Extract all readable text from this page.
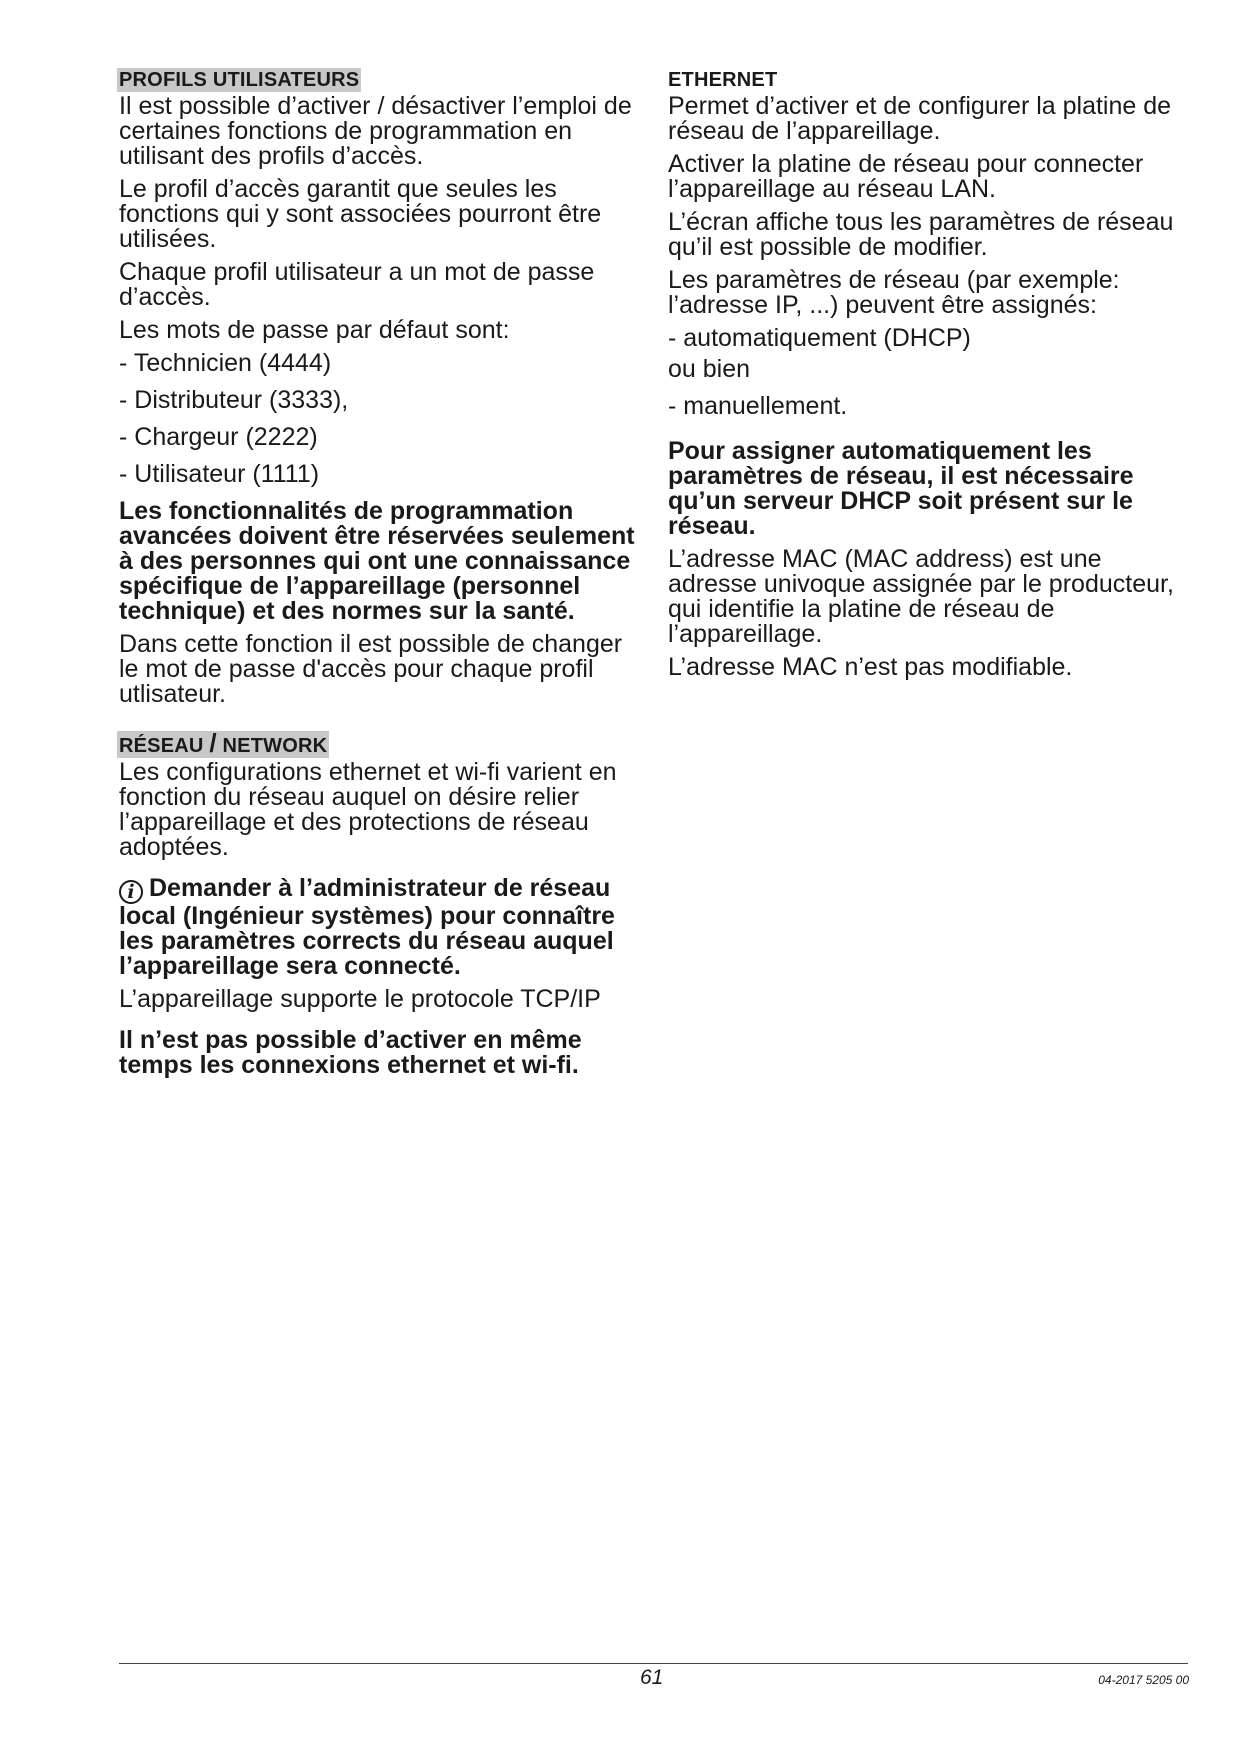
PROFILS UTILISATEURS

Il est possible d’activer / désactiver l’emploi de certaines fonctions de programmation en utilisant des profils d’accès.

Le profil d’accès garantit que seules les fonctions qui y sont associées pourront être utilisées.

Chaque profil utilisateur a un mot de passe d’accès.

Les mots de passe par défaut sont:

- Technicien (4444)
- Distributeur (3333),
- Chargeur (2222)
- Utilisateur (1111)

Les fonctionnalités de programmation avancées doivent être réservées seulement à des personnes qui ont une connaissance spécifique de l’appareillage (personnel technique) et des normes sur la santé.

Dans cette fonction il est possible de changer le mot de passe d'accès pour chaque profil utlisateur.

RÉSEAU / NETWORK

Les configurations ethernet et wi-fi varient en fonction du réseau auquel on désire relier l’appareillage et des protections de réseau adoptées.

i Demander à l’administrateur de réseau local (Ingénieur systèmes) pour connaître les paramètres corrects du réseau auquel l’appareillage sera connecté.

L’appareillage supporte le protocole TCP/IP

Il n’est pas possible d’activer en même temps les connexions ethernet et wi-fi.

ETHERNET

Permet d’activer et de configurer la platine de réseau de l’appareillage.

Activer la platine de réseau pour connecter l’appareillage au réseau LAN.

L’écran affiche tous les paramètres de réseau qu’il est possible de modifier.

Les paramètres de réseau (par exemple: l’adresse IP, ...) peuvent être assignés:

- automatiquement (DHCP)
ou bien
- manuellement.

Pour assigner automatiquement les paramètres de réseau, il est nécessaire qu’un serveur DHCP soit présent sur le réseau.

L’adresse MAC (MAC address) est une adresse univoque assignée par le producteur, qui identifie la platine de réseau de l’appareillage.

L’adresse MAC n’est pas modifiable.

61	04-2017 5205 00
